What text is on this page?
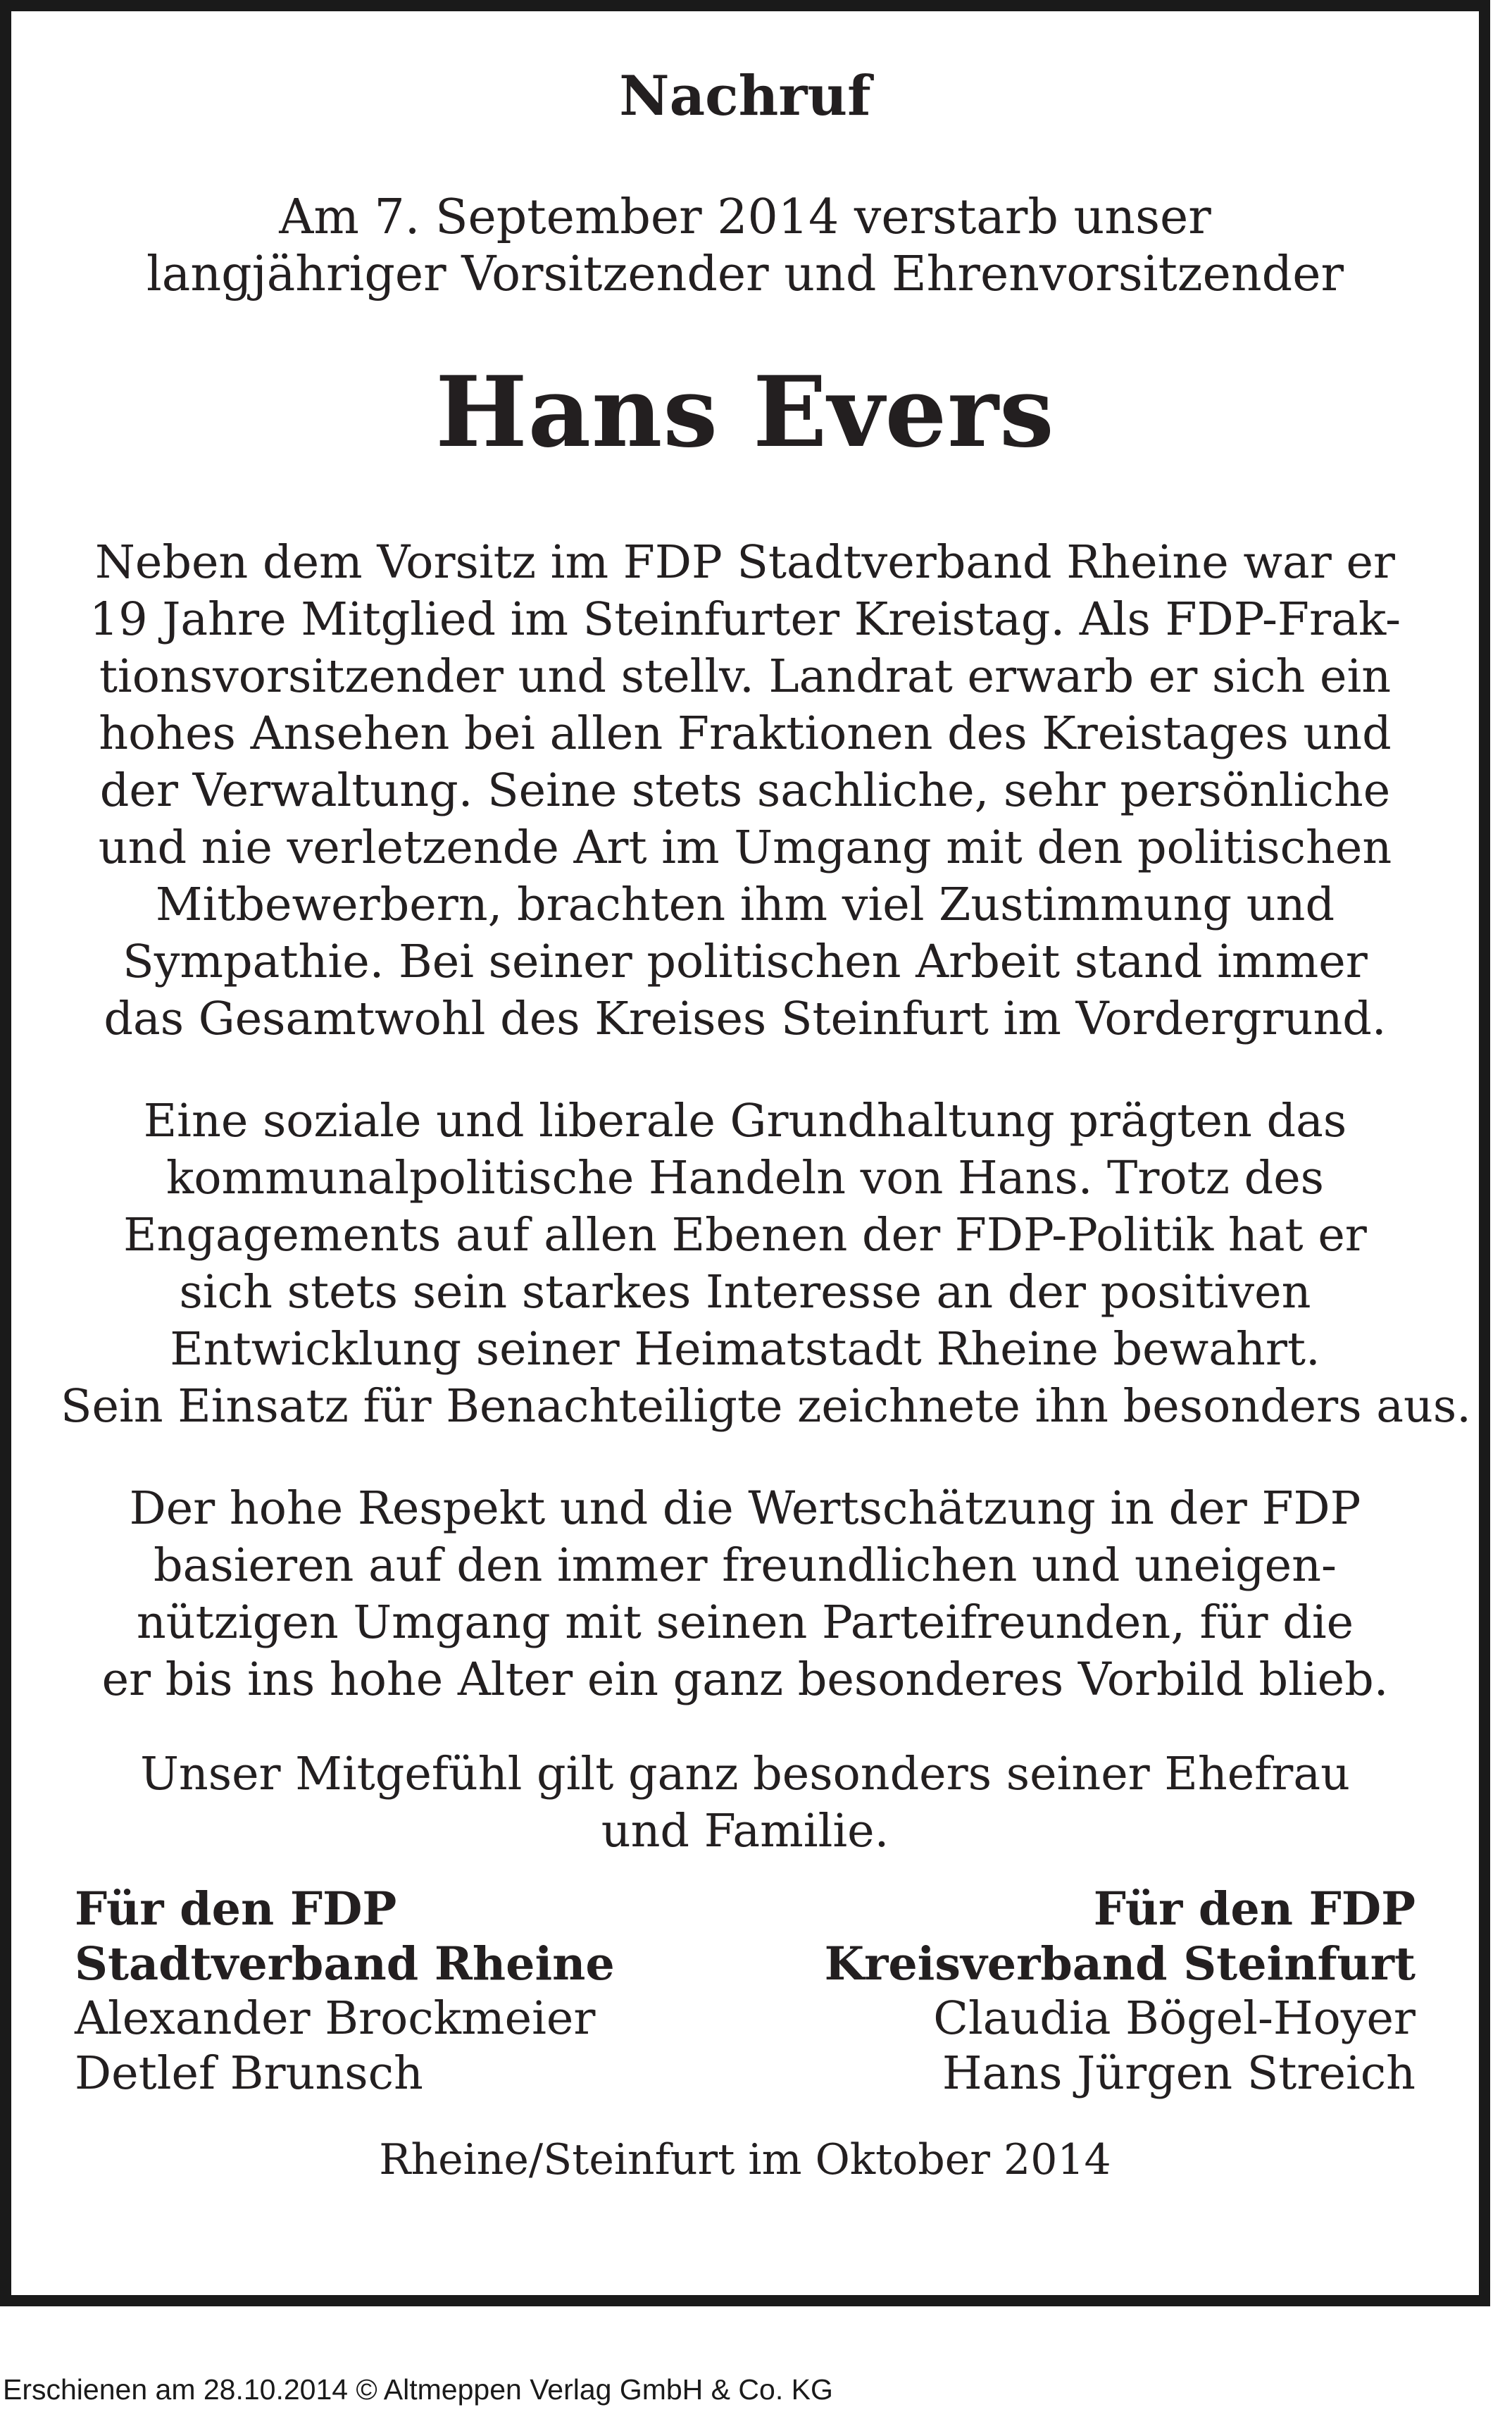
Nachruf
Am 7. September 2014 verstarb unser
langjähriger Vorsitzender und Ehrenvorsitzender
Hans Evers
Neben dem Vorsitz im FDP Stadtverband Rheine war er
19 Jahre Mitglied im Steinfurter Kreistag. Als FDP-Frak-
tionsvorsitzender und stellv. Landrat erwarb er sich ein
hohes Ansehen bei allen Fraktionen des Kreistages und
der Verwaltung. Seine stets sachliche, sehr persönliche
und nie verletzende Art im Umgang mit den politischen
Mitbewerbern, brachten ihm viel Zustimmung und
Sympathie. Bei seiner politischen Arbeit stand immer
das Gesamtwohl des Kreises Steinfurt im Vordergrund.
Eine soziale und liberale Grundhaltung prägten das
kommunalpolitische Handeln von Hans. Trotz des
Engagements auf allen Ebenen der FDP-Politik hat er
sich stets sein starkes Interesse an der positiven
Entwicklung seiner Heimatstadt Rheine bewahrt.
Sein Einsatz für Benachteiligte zeichnete ihn besonders aus.
Der hohe Respekt und die Wertschätzung in der FDP
basieren auf den immer freundlichen und uneigen-
nützigen Umgang mit seinen Parteifreunden, für die
er bis ins hohe Alter ein ganz besonderes Vorbild blieb.
Unser Mitgefühl gilt ganz besonders seiner Ehefrau
und Familie.
Für den FDP
Stadtverband Rheine
Alexander Brockmeier
Detlef Brunsch
Für den FDP
Kreisverband Steinfurt
Claudia Bögel-Hoyer
Hans Jürgen Streich
Rheine/Steinfurt im Oktober 2014
Erschienen am 28.10.2014 © Altmeppen Verlag GmbH & Co. KG
